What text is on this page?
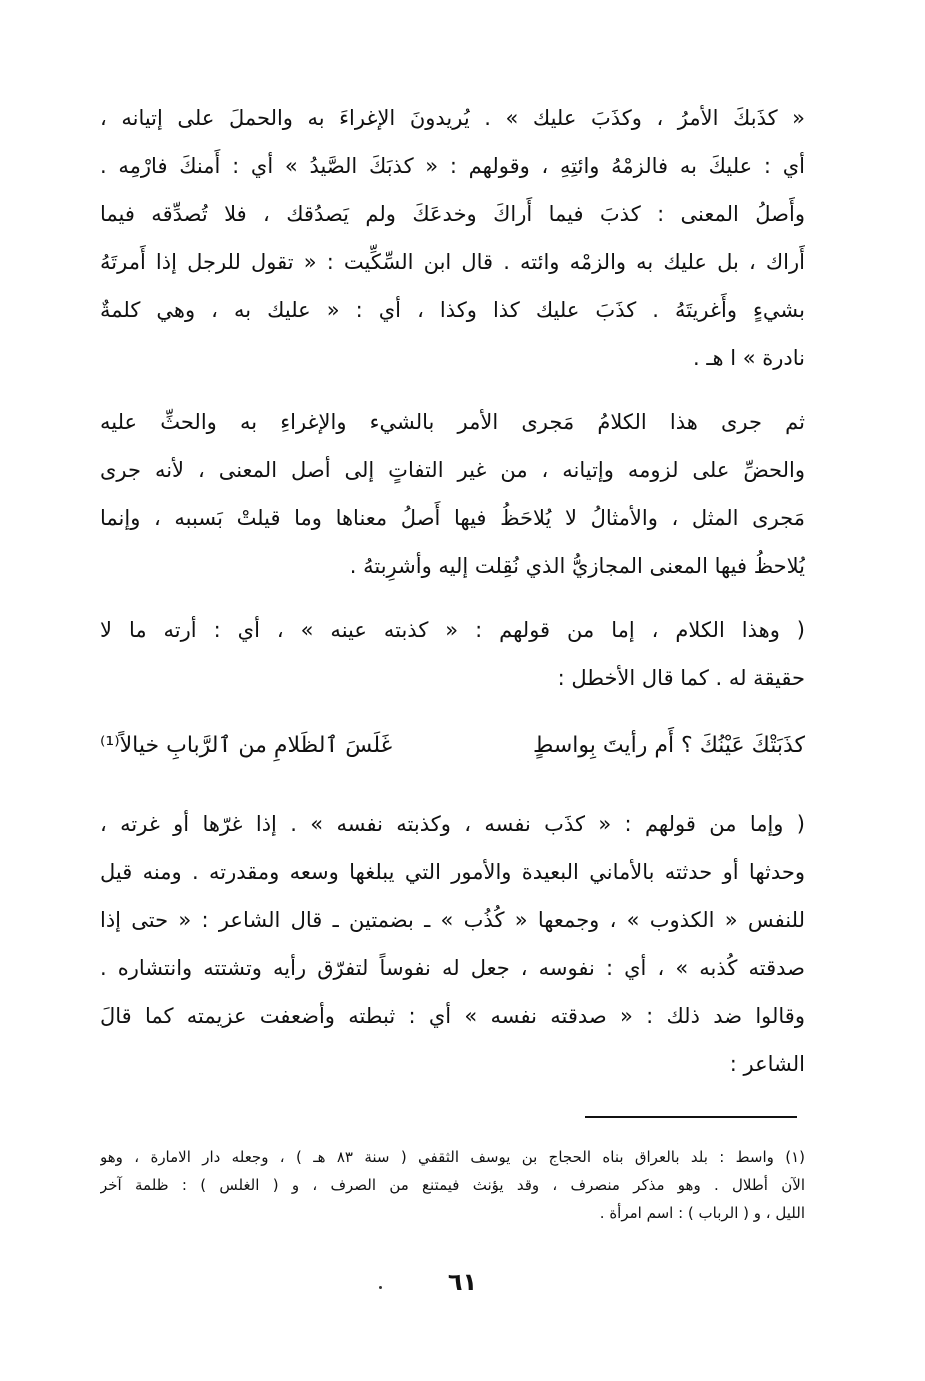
« كذَبكَ الأمرُ ، وكذَبَ عليك » . يُريدونَ الإغراءَ به والحملَ على إتيانه ،
أي : عليكَ به فالزمْهُ وائتِهِ ، وقولهم : « كذبَكَ الصَّيدُ » أي : أَمنكَ فارْمِه .
وأَصلُ المعنى : كذبَ فيما أَراكَ وخدعَكَ ولم يَصدُقك ، فلا تُصدِّقه فيما
أَراك ، بل عليك به والزمْه وائته . قال ابن السِّكِّيت : « تقول للرجل إذا أَمرتَهُ
بشيءٍ وأَغريتَهُ . كذَبَ عليك كذا وكذا ، أي : « عليك به ، وهي كلمةٌ
نادرة » ا هـ .
ثم جرى هذا الكلامُ مَجرى الأمر بالشيء والإغراءِ به والحثِّ عليه
والحضِّ على لزومه وإتيانه ، من غير التفاتٍ إلى أصل المعنى ، لأنه جرى
مَجرى المثل ، والأمثالُ لا يُلاحَظُ فيها أَصلُ معناها وما قيلتْ بَسببه ، وإنما
يُلاحظُ فيها المعنى المجازيُّ الذي نُقِلت إليه وأشرِبتهُ .
( وهذا الكلام ، إما من قولهم : « كذبته عينه » ، أي : أرته ما لا
حقيقة له . كما قال الأخطل :
كذَبَتْكَ عَيْنُكَ ؟ أَم رأيتَ بِواسطٍ
غَلَسَ ٱلظَلامِ من ٱلرَّبابِ خيالاً⁽¹⁾
( وإما من قولهم : « كذَب نفسه ، وكذبته نفسه » . إذا غرّها أو غرته ،
وحدثها أو حدثته بالأماني البعيدة والأمور التي يبلغها وسعه ومقدرته . ومنه قيل
للنفس « الكذوب » ، وجمعها « كُذُب » ـ بضمتين ـ قال الشاعر : « حتى إذا
صدقته كُذبه » ، أي : نفوسه ، جعل له نفوساً لتفرّق رأيه وتشتته وانتشاره .
وقالوا ضد ذلك : « صدقته نفسه » أي : ثبطته وأضعفت عزيمته كما قالَ
الشاعر :
(١) واسط : بلد بالعراق بناه الحجاج بن يوسف الثقفي ( سنة ٨٣ هـ ) ، وجعله دار الامارة ، وهو
الآن أطلال . وهو مذكر منصرف ، وقد يؤنث فيمتنع من الصرف ، و ( الغلس ) : ظلمة آخر
الليل ، و ( الرباب ) : اسم امرأة .
٦١
